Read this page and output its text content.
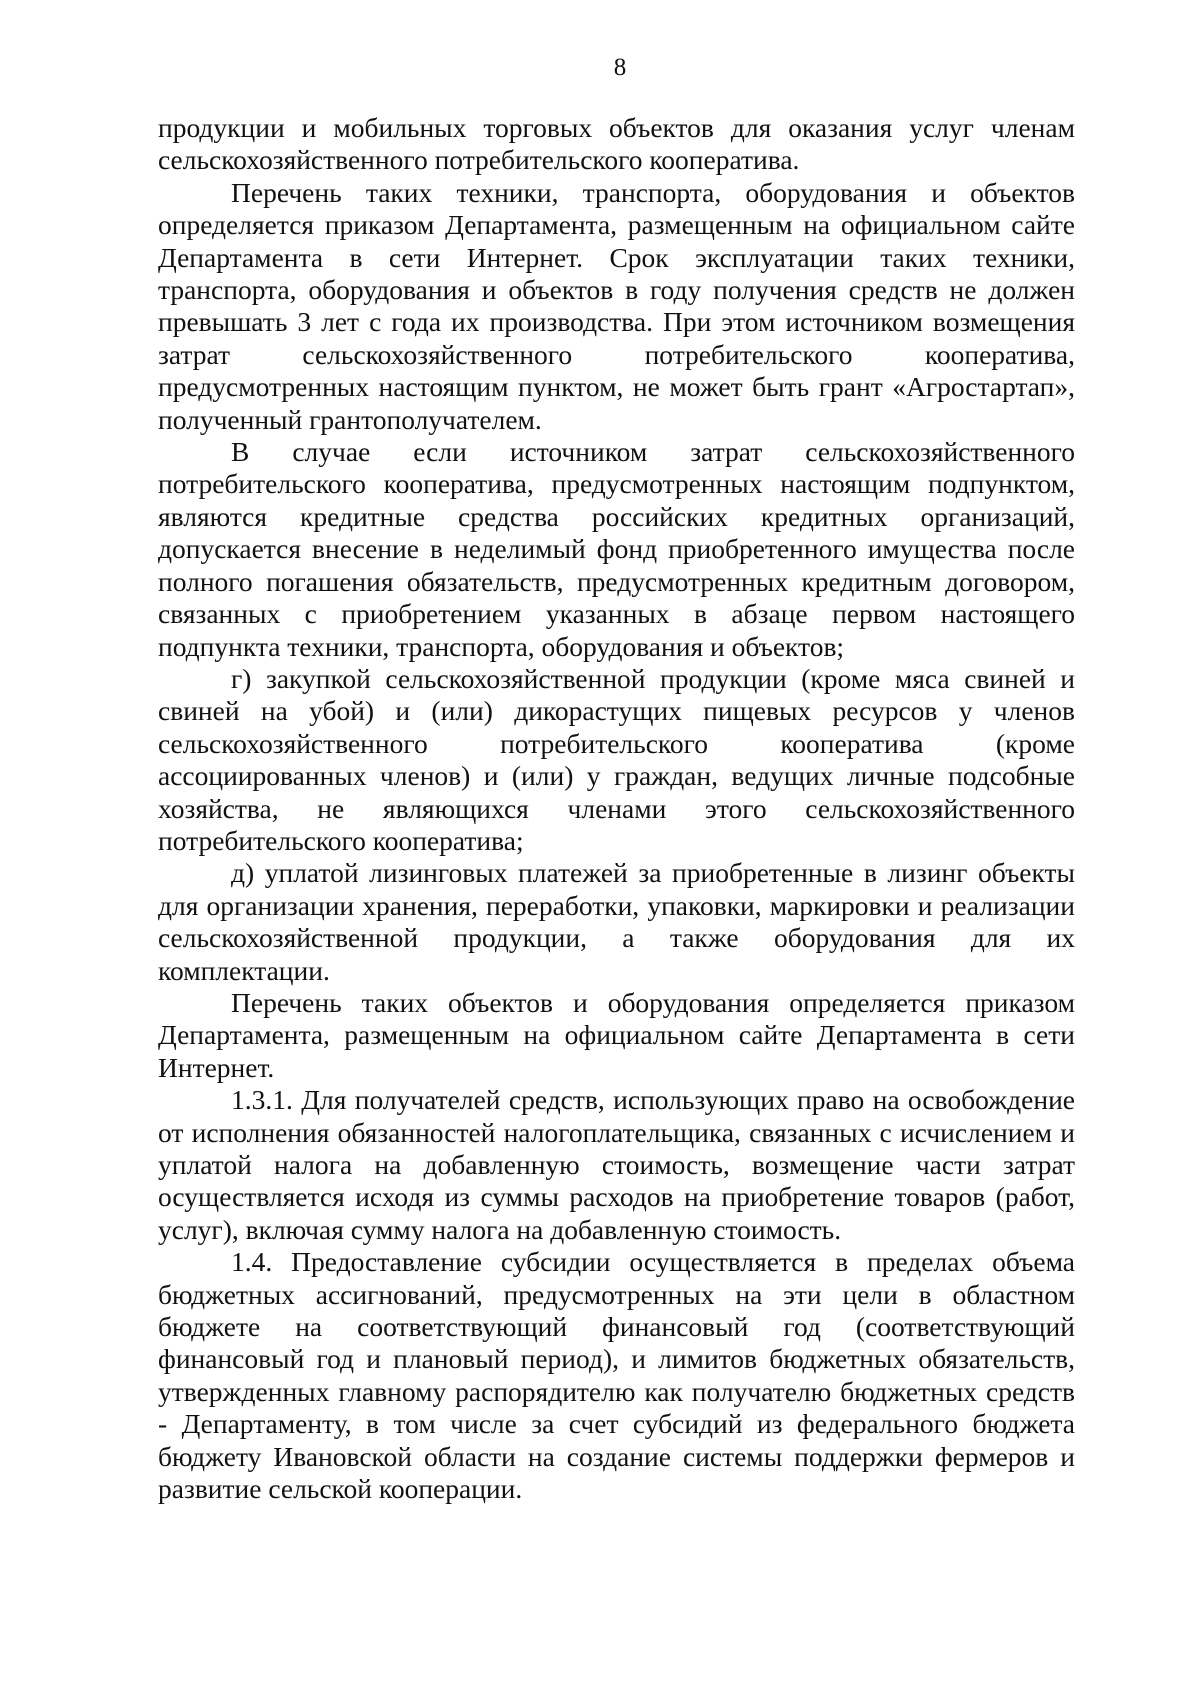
8

продукции и мобильных торговых объектов для оказания услуг членам сельскохозяйственного потребительского кооператива.

Перечень таких техники, транспорта, оборудования и объектов определяется приказом Департамента, размещенным на официальном сайте Департамента в сети Интернет. Срок эксплуатации таких техники, транспорта, оборудования и объектов в году получения средств не должен превышать 3 лет с года их производства. При этом источником возмещения затрат сельскохозяйственного потребительского кооператива, предусмотренных настоящим пунктом, не может быть грант «Агростартап», полученный грантополучателем.

В случае если источником затрат сельскохозяйственного потребительского кооператива, предусмотренных настоящим подпунктом, являются кредитные средства российских кредитных организаций, допускается внесение в неделимый фонд приобретенного имущества после полного погашения обязательств, предусмотренных кредитным договором, связанных с приобретением указанных в абзаце первом настоящего подпункта техники, транспорта, оборудования и объектов;

г) закупкой сельскохозяйственной продукции (кроме мяса свиней и свиней на убой) и (или) дикорастущих пищевых ресурсов у членов сельскохозяйственного потребительского кооператива (кроме ассоциированных членов) и (или) у граждан, ведущих личные подсобные хозяйства, не являющихся членами этого сельскохозяйственного потребительского кооператива;

д) уплатой лизинговых платежей за приобретенные в лизинг объекты для организации хранения, переработки, упаковки, маркировки и реализации сельскохозяйственной продукции, а также оборудования для их комплектации.

Перечень таких объектов и оборудования определяется приказом Департамента, размещенным на официальном сайте Департамента в сети Интернет.

1.3.1. Для получателей средств, использующих право на освобождение от исполнения обязанностей налогоплательщика, связанных с исчислением и уплатой налога на добавленную стоимость, возмещение части затрат осуществляется исходя из суммы расходов на приобретение товаров (работ, услуг), включая сумму налога на добавленную стоимость.

1.4. Предоставление субсидии осуществляется в пределах объема бюджетных ассигнований, предусмотренных на эти цели в областном бюджете на соответствующий финансовый год (соответствующий финансовый год и плановый период), и лимитов бюджетных обязательств, утвержденных главному распорядителю как получателю бюджетных средств - Департаменту, в том числе за счет субсидий из федерального бюджета бюджету Ивановской области на создание системы поддержки фермеров и развитие сельской кооперации.
